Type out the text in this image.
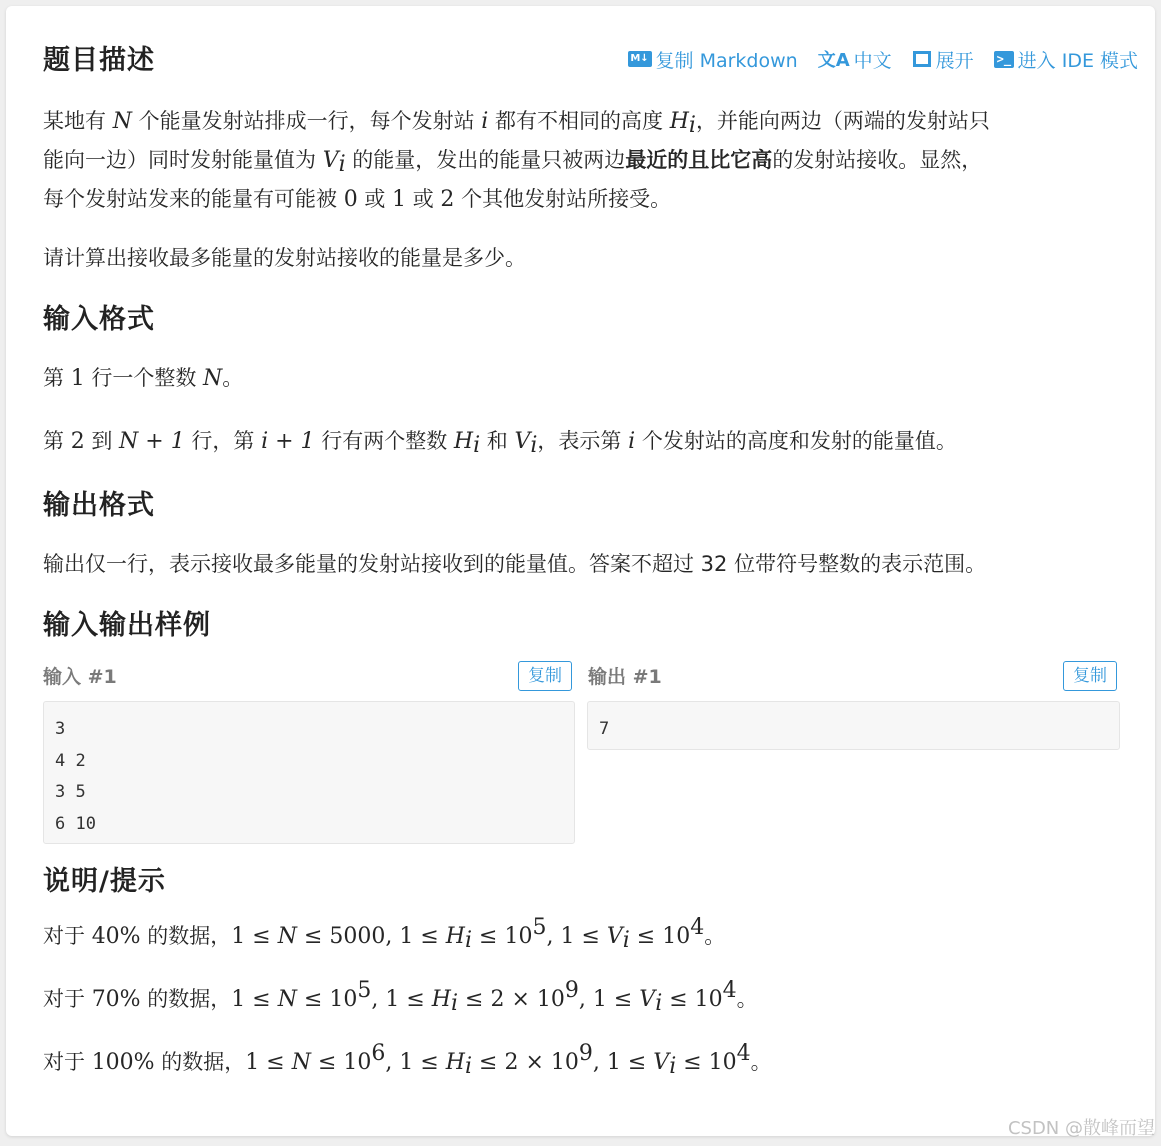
M↓ 复制 Markdown 文A 中文 展开 >_ 进入 IDE 模式
题目描述

某地有 N 个能量发射站排成一行，每个发射站 i 都有不相同的高度 $H_i$，并能向两边（两端的发射站只
能向一边）同时发射能量值为 $V_i$ 的能量，发出的能量只被两边最近的且比它高的发射站接收。显然，
每个发射站发来的能量有可能被 0 或 1 或 2 个其他发射站所接受。

请计算出接收最多能量的发射站接收的能量是多少。

输入格式

第 1 行一个整数 N。

第 2 到 N + 1 行，第 i + 1 行有两个整数 $H_i$ 和 $V_i$，表示第 i 个发射站的高度和发射的能量值。

输出格式

输出仅一行，表示接收最多能量的发射站接收到的能量值。答案不超过 32 位带符号整数的表示范围。

输入输出样例
输入 #1	复制
3
4 2
3 5
6 10
输出 #1	复制
7
说明/提示

对于 40% 的数据，1 ≤ N ≤ 5000, $1 \le H_i \le 10^5$, $1 \le V_i \le 10^4$。

对于 70% 的数据，$1 \le N \le 10^5$, $1 \le H_i \le 2 \times 10^9$, $1 \le V_i \le 10^4$。

对于 100% 的数据，$1 \le N \le 10^6$, $1 \le H_i \le 2 \times 10^9$, $1 \le V_i \le 10^4$。

CSDN @散峰而望
